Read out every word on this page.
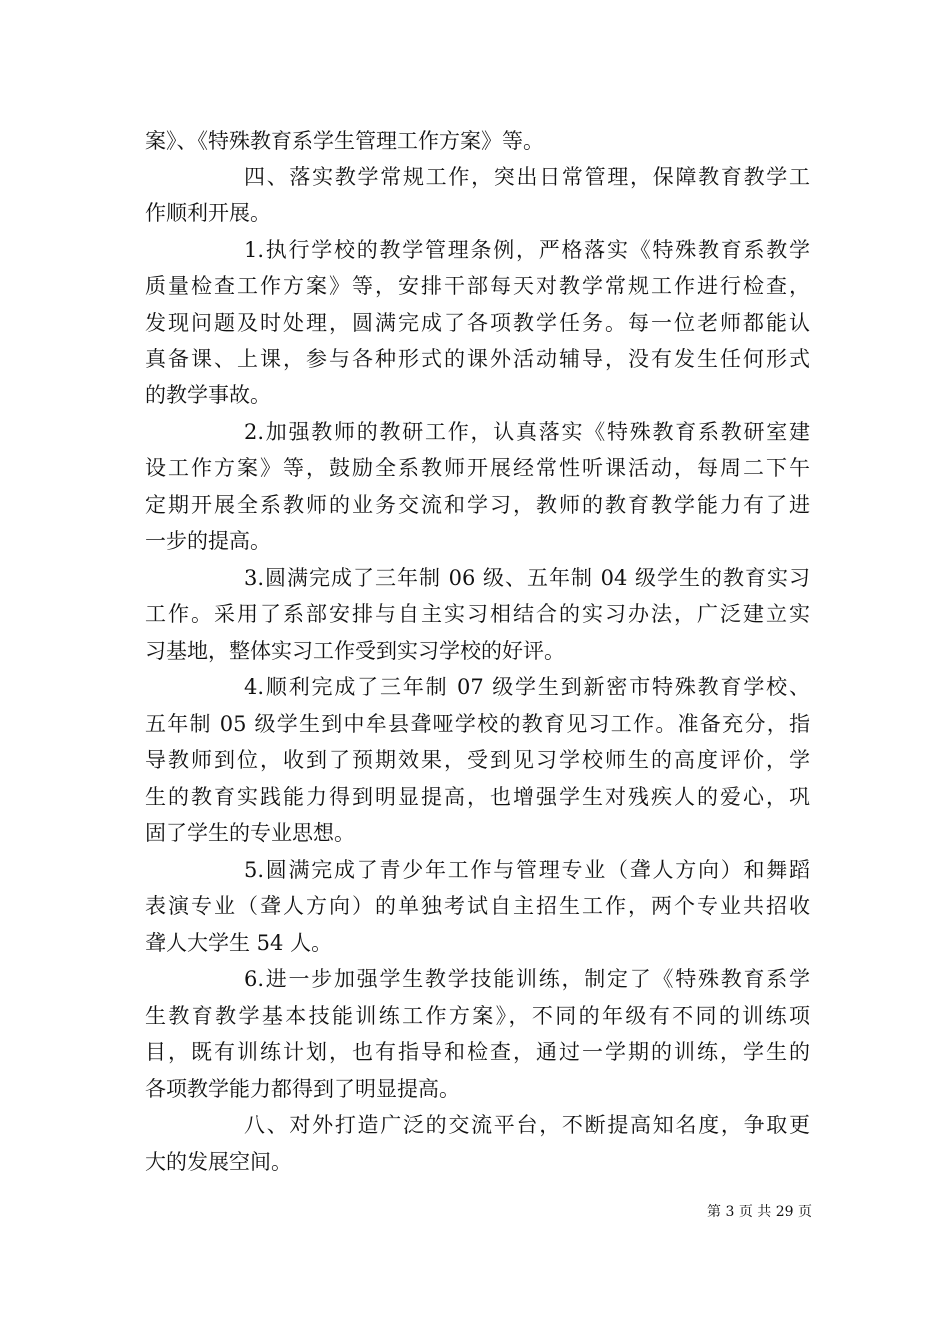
案》、《特殊教育系学生管理工作方案》等。
四、落实教学常规工作，突出日常管理，保障教育教学工
作顺利开展。
1.执行学校的教学管理条例，严格落实《特殊教育系教学
质量检查工作方案》等，安排干部每天对教学常规工作进行检查，
发现问题及时处理，圆满完成了各项教学任务。每一位老师都能认
真备课、上课，参与各种形式的课外活动辅导，没有发生任何形式
的教学事故。
2.加强教师的教研工作，认真落实《特殊教育系教研室建
设工作方案》等，鼓励全系教师开展经常性听课活动，每周二下午
定期开展全系教师的业务交流和学习，教师的教育教学能力有了进
一步的提高。
3.圆满完成了三年制 06 级、五年制 04 级学生的教育实习
工作。采用了系部安排与自主实习相结合的实习办法，广泛建立实
习基地，整体实习工作受到实习学校的好评。
4.顺利完成了三年制 07 级学生到新密市特殊教育学校、
五年制 05 级学生到中牟县聋哑学校的教育见习工作。准备充分，指
导教师到位，收到了预期效果，受到见习学校师生的高度评价，学
生的教育实践能力得到明显提高，也增强学生对残疾人的爱心，巩
固了学生的专业思想。
5.圆满完成了青少年工作与管理专业（聋人方向）和舞蹈
表演专业（聋人方向）的单独考试自主招生工作，两个专业共招收
聋人大学生 54 人。
6.进一步加强学生教学技能训练，制定了《特殊教育系学
生教育教学基本技能训练工作方案》，不同的年级有不同的训练项
目，既有训练计划，也有指导和检查，通过一学期的训练，学生的
各项教学能力都得到了明显提高。
八、对外打造广泛的交流平台，不断提高知名度，争取更
大的发展空间。
第 3 页 共 29 页
